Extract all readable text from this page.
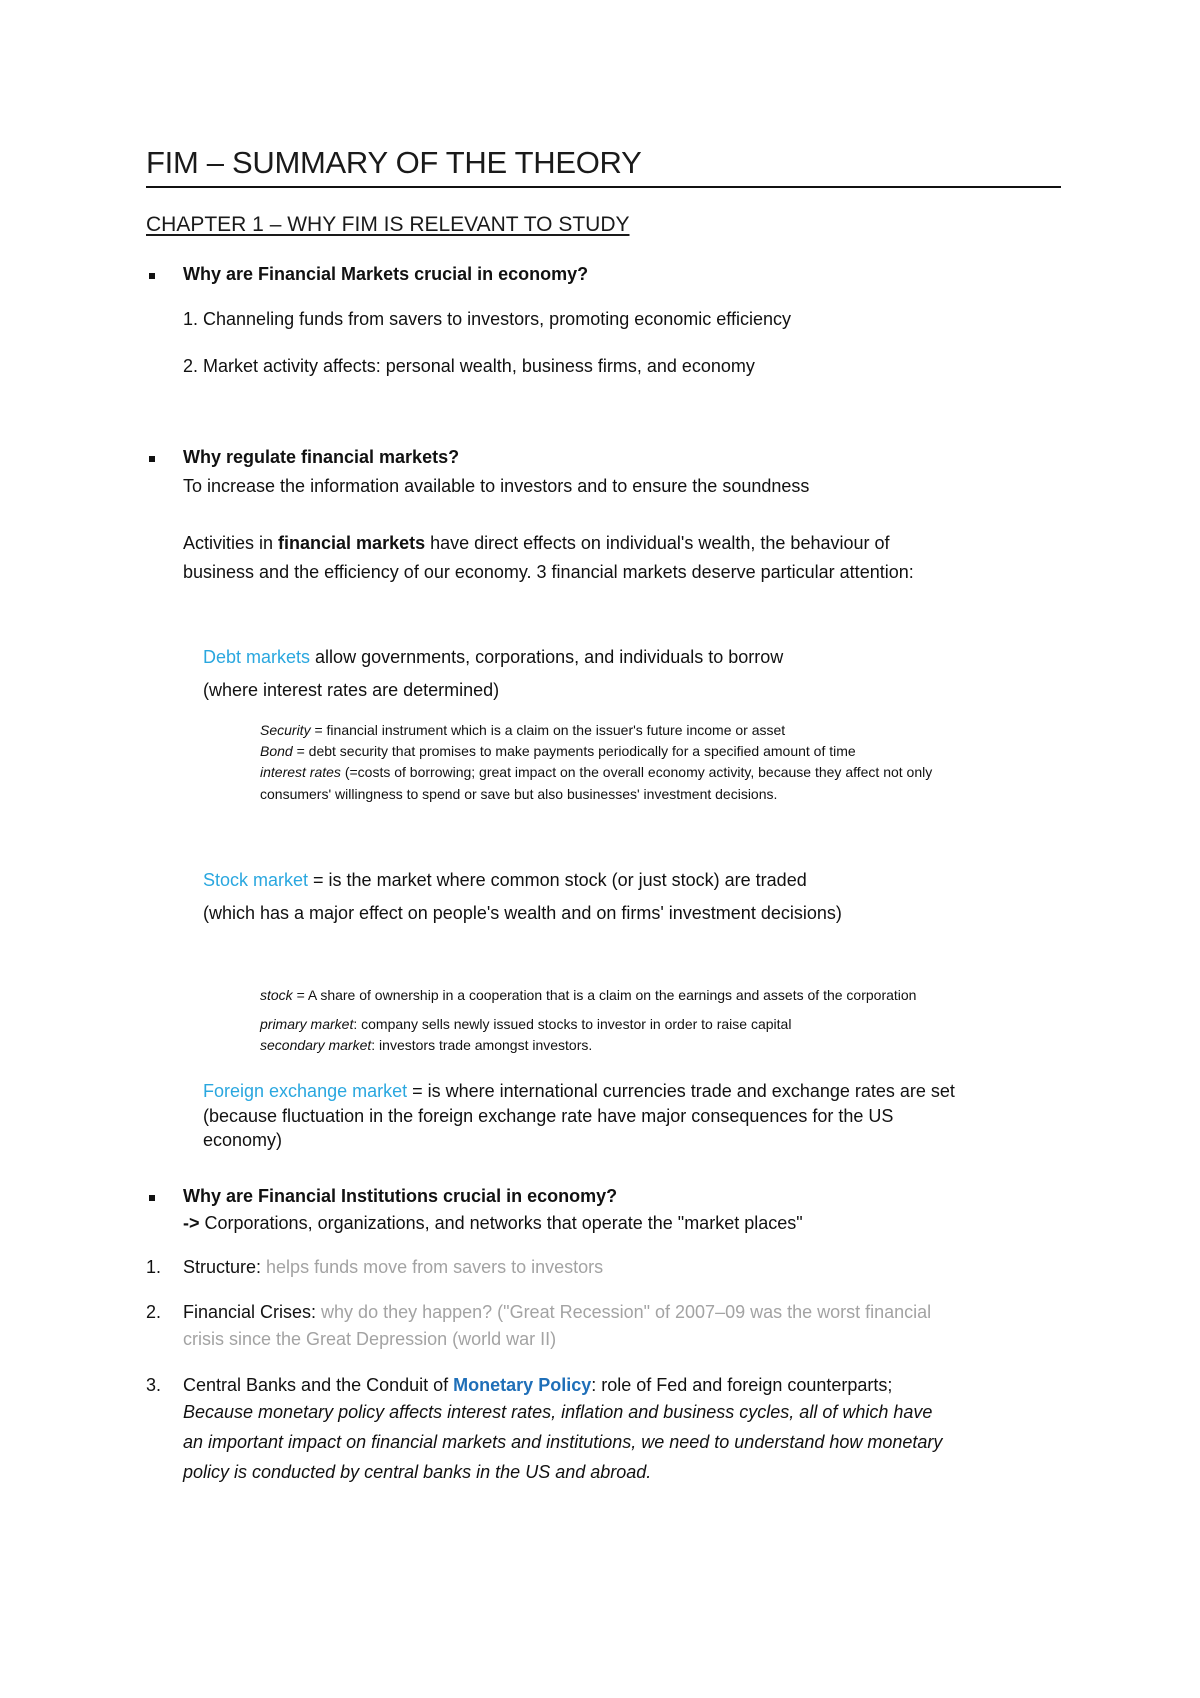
FIM – SUMMARY OF THE THEORY
CHAPTER 1 – WHY FIM IS RELEVANT TO STUDY
Why are Financial Markets crucial in economy?
1. Channeling funds from savers to investors, promoting economic efficiency
2. Market activity affects: personal wealth, business firms, and economy
Why regulate financial markets?
To increase the information available to investors and to ensure the soundness
Activities in financial markets have direct effects on individual's wealth, the behaviour of
business and the efficiency of our economy. 3 financial markets deserve particular attention:
Debt markets allow governments, corporations, and individuals to borrow
(where interest rates are determined)
Security = financial instrument which is a claim on the issuer's future income or asset
Bond = debt security that promises to make payments periodically for a specified amount of time
interest rates (=costs of borrowing; great impact on the overall economy activity, because they affect not only
consumers' willingness to spend or save but also businesses' investment decisions.
Stock market = is the market where common stock (or just stock) are traded
(which has a major effect on people's wealth and on firms' investment decisions)
stock = A share of ownership in a cooperation that is a claim on the earnings and assets of the corporation
primary market: company sells newly issued stocks to investor in order to raise capital
secondary market: investors trade amongst investors.
Foreign exchange market = is where international currencies trade and exchange rates are set
(because fluctuation in the foreign exchange rate have major consequences for the US
economy)
Why are Financial Institutions crucial in economy?
-> Corporations, organizations, and networks that operate the "market places"
1. Structure: helps funds move from savers to investors
2. Financial Crises: why do they happen? ("Great Recession" of 2007–09 was the worst financial
crisis since the Great Depression (world war II)
3. Central Banks and the Conduit of Monetary Policy: role of Fed and foreign counterparts;
Because monetary policy affects interest rates, inflation and business cycles, all of which have
an important impact on financial markets and institutions, we need to understand how monetary
policy is conducted by central banks in the US and abroad.
